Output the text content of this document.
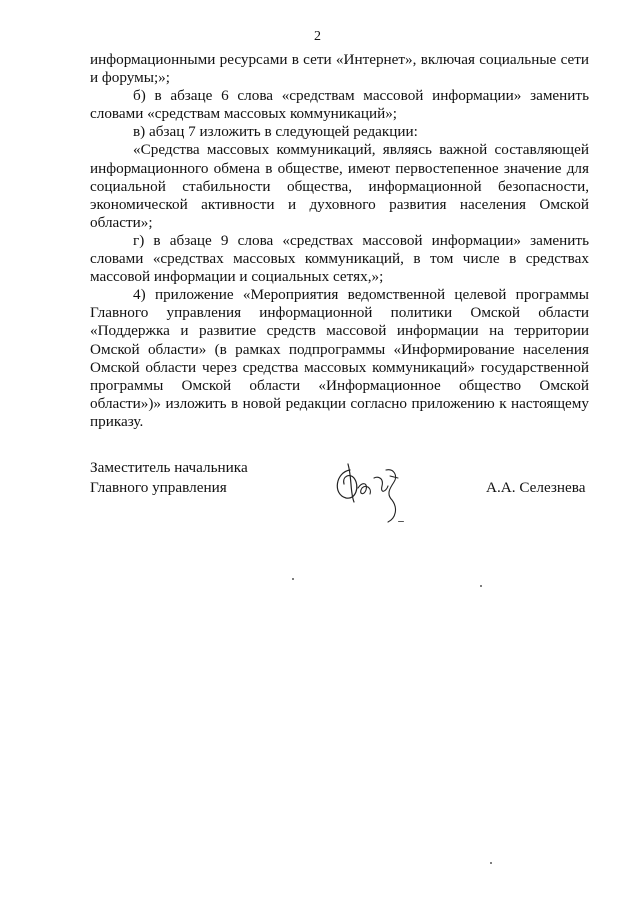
2

информационными ресурсами в сети «Интернет», включая социальные сети и форумы;»;

б) в абзаце 6 слова «средствам массовой информации» заменить словами «средствам массовых коммуникаций»;

в) абзац 7 изложить в следующей редакции:

«Средства массовых коммуникаций, являясь важной составляющей информационного обмена в обществе, имеют первостепенное значение для социальной стабильности общества, информационной безопасности, экономической активности и духовного развития населения Омской области»;

г) в абзаце 9 слова «средствах массовой информации» заменить словами «средствах массовых коммуникаций, в том числе в средствах массовой информации и социальных сетях,»;

4) приложение «Мероприятия ведомственной целевой программы Главного управления информационной политики Омской области «Поддержка и развитие средств массовой информации на территории Омской области» (в рамках подпрограммы «Информирование населения Омской области через средства массовых коммуникаций» государственной программы Омской области «Информационное общество Омской области»)» изложить в новой редакции согласно приложению к настоящему приказу.

Заместитель начальника
Главного управления	А.А. Селезнева
